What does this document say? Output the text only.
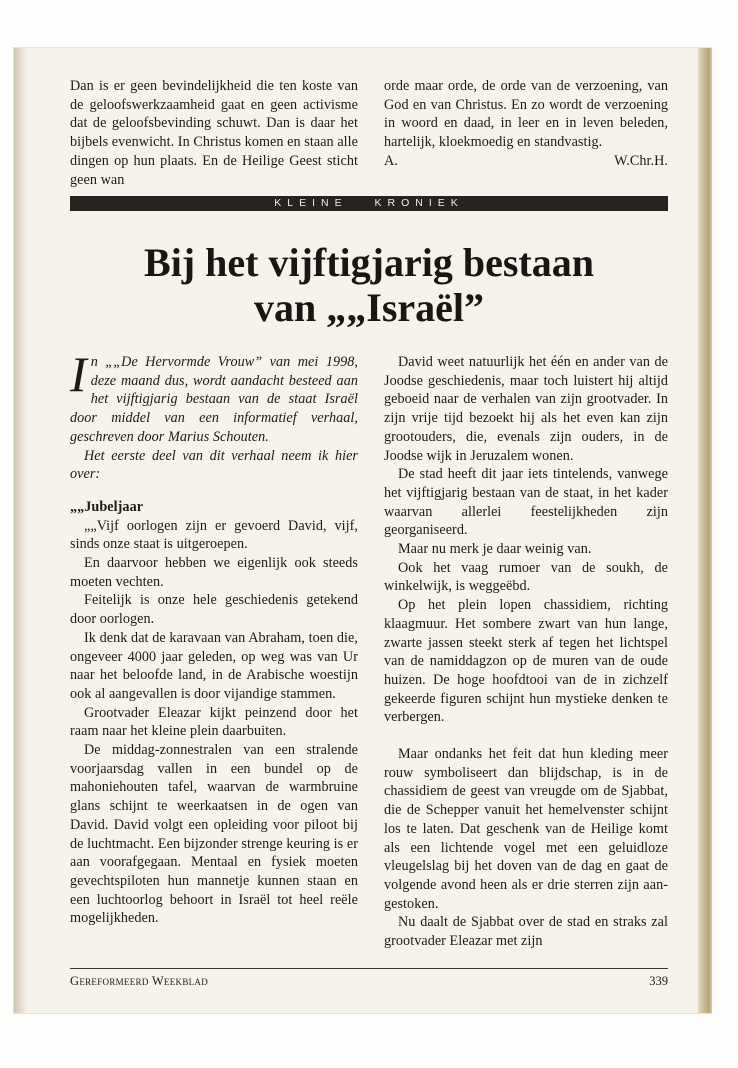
Dan is er geen bevindelijkheid die ten koste van de geloofswerkzaamheid gaat en geen activisme dat de geloofsbevinding schuwt. Dan is daar het bijbels evenwicht. In Christus komen en staan alle dingen op hun plaats. En de Heilige Geest sticht geen wan

orde maar orde, de orde van de verzoening, van God en van Christus. En zo wordt de verzoening in woord en daad, in leer en in leven beleden, hartelijk, kloekmoedig en standvastig.

A.	W.Chr.H.
KLEINE KRONIEK
Bij het vijftigjarig bestaan
van „„Israël”

In „„De Hervormde Vrouw” van mei 1998, deze maand dus, wordt aandacht besteed aan het vijftigjarig bestaan van de staat Israël door middel van een informatief verhaal, geschreven door Marius Schouten.

Het eerste deel van dit verhaal neem ik hier over:

„„Jubeljaar

„„Vijf oorlogen zijn er gevoerd David, vijf, sinds onze staat is uitgeroepen.

En daarvoor hebben we eigenlijk ook steeds moeten vechten.

Feitelijk is onze hele geschiedenis getekend door oorlogen.

Ik denk dat de karavaan van Abraham, toen die, ongeveer 4000 jaar geleden, op weg was van Ur naar het beloofde land, in de Arabische woestijn ook al aangevallen is door vijandige stammen.

Grootvader Eleazar kijkt peinzend door het raam naar het kleine plein daarbuiten.

De middag-zonnestralen van een stralende voorjaarsdag vallen in een bundel op de mahoniehouten tafel, waarvan de warmbruine glans schijnt te weerkaatsen in de ogen van David. David volgt een opleiding voor piloot bij de luchtmacht. Een bijzonder strenge keuring is er aan voorafgegaan. Mentaal en fysiek moeten gevechtspiloten hun mannetje kunnen staan en een luchtoorlog behoort in Israël tot heel reële mogelijkheden.

David weet natuurlijk het één en ander van de Joodse geschiedenis, maar toch luistert hij altijd geboeid naar de verhalen van zijn grootvader. In zijn vrije tijd bezoekt hij als het even kan zijn grootouders, die, evenals zijn ouders, in de Joodse wijk in Jeruzalem wonen.

De stad heeft dit jaar iets tintelends, vanwege het vijftigjarig bestaan van de staat, in het kader waarvan allerlei feestelijkheden zijn georganiseerd.

Maar nu merk je daar weinig van.

Ook het vaag rumoer van de soukh, de winkelwijk, is weggeëbd.

Op het plein lopen chassidiem, richting klaagmuur. Het sombere zwart van hun lange, zwarte jassen steekt sterk af tegen het lichtspel van de namiddagzon op de muren van de oude huizen. De hoge hoofdtooi van de in zichzelf gekeerde figuren schijnt hun mystieke denken te verbergen.

Maar ondanks het feit dat hun kleding meer rouw symboliseert dan blijdschap, is in de chassidiem de geest van vreugde om de Sjabbat, die de Schepper vanuit het hemelvenster schijnt los te laten. Dat geschenk van de Heilige komt als een lichtende vogel met een geluidloze vleugelslag bij het doven van de dag en gaat de volgende avond heen als er drie sterren zijn aangestoken.

Nu daalt de Sjabbat over de stad en straks zal grootvader Eleazar met zijn

Gereformeerd Weekblad	339
